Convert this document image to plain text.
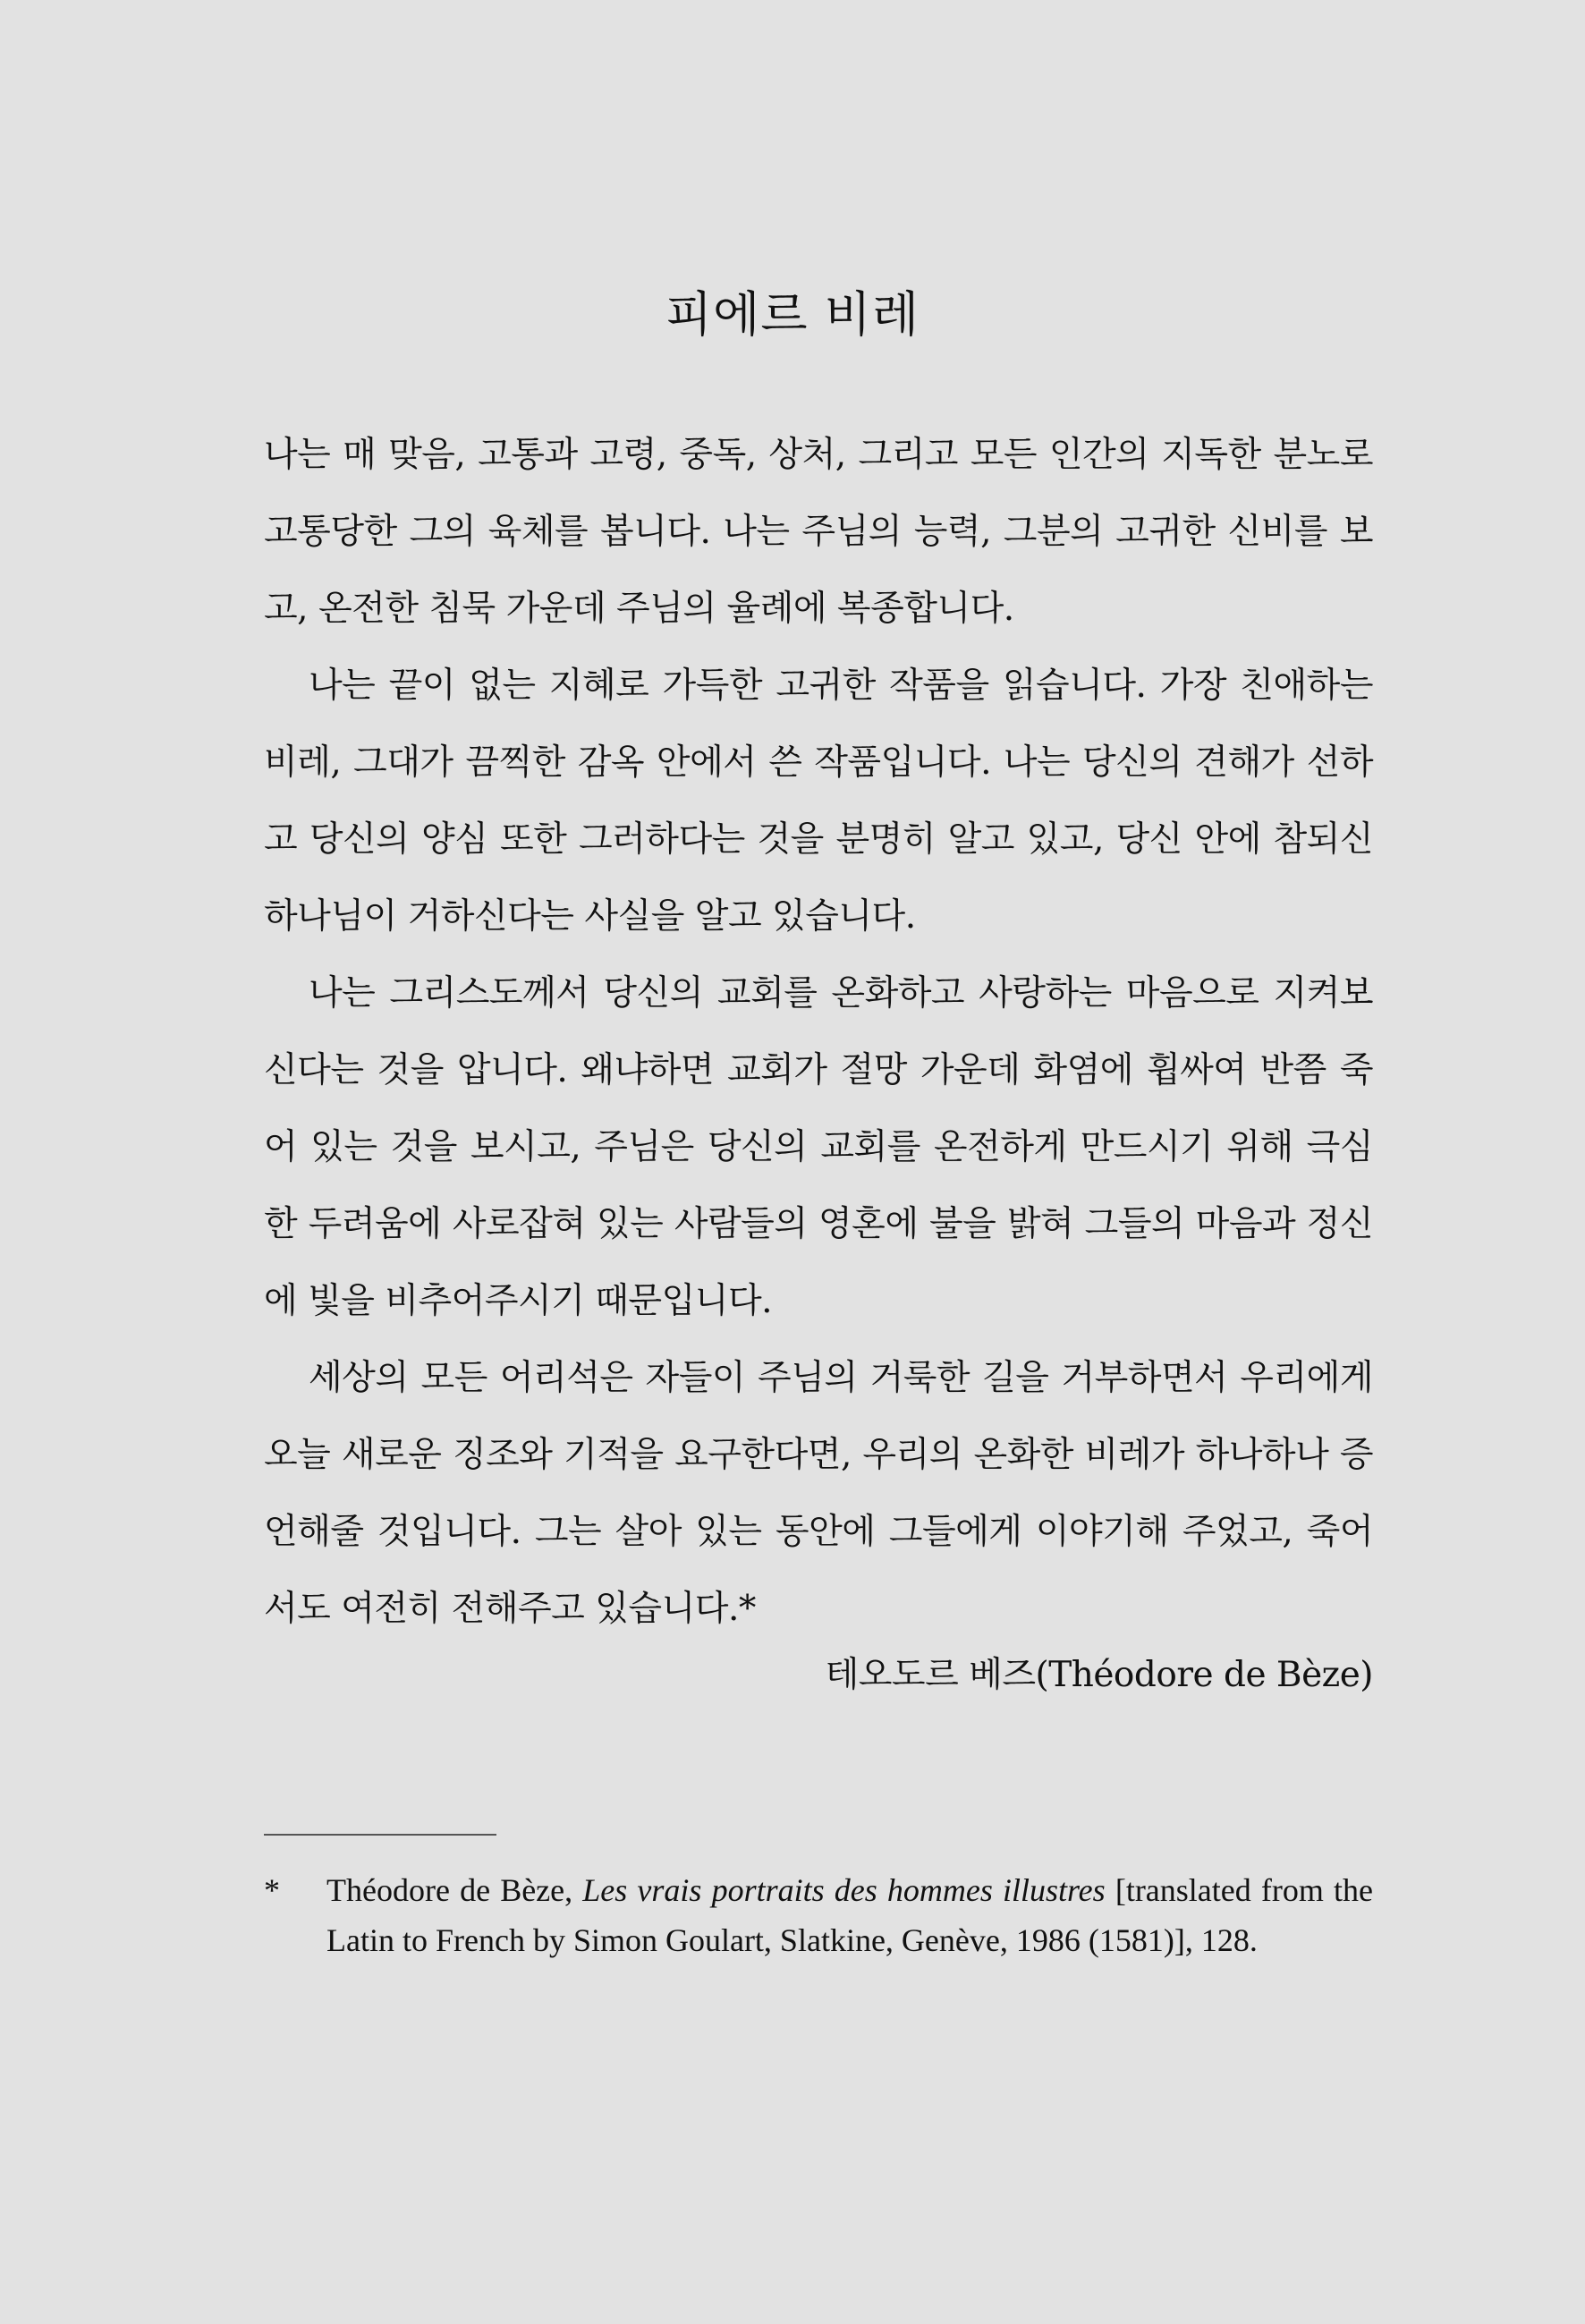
피에르 비레

나는 매 맞음, 고통과 고령, 중독, 상처, 그리고 모든 인간의 지독한 분노로 고통당한 그의 육체를 봅니다. 나는 주님의 능력, 그분의 고귀한 신비를 보고, 온전한 침묵 가운데 주님의 율례에 복종합니다.

나는 끝이 없는 지혜로 가득한 고귀한 작품을 읽습니다. 가장 친애하는 비레, 그대가 끔찍한 감옥 안에서 쓴 작품입니다. 나는 당신의 견해가 선하고 당신의 양심 또한 그러하다는 것을 분명히 알고 있고, 당신 안에 참되신 하나님이 거하신다는 사실을 알고 있습니다.

나는 그리스도께서 당신의 교회를 온화하고 사랑하는 마음으로 지켜보신다는 것을 압니다. 왜냐하면 교회가 절망 가운데 화염에 휩싸여 반쯤 죽어 있는 것을 보시고, 주님은 당신의 교회를 온전하게 만드시기 위해 극심한 두려움에 사로잡혀 있는 사람들의 영혼에 불을 밝혀 그들의 마음과 정신에 빛을 비추어주시기 때문입니다.

세상의 모든 어리석은 자들이 주님의 거룩한 길을 거부하면서 우리에게 오늘 새로운 징조와 기적을 요구한다면, 우리의 온화한 비레가 하나하나 증언해줄 것입니다. 그는 살아 있는 동안에 그들에게 이야기해 주었고, 죽어서도 여전히 전해주고 있습니다.*

테오도르 베즈(Théodore de Bèze)
*	Théodore de Bèze, Les vrais portraits des hommes illustres [translated from the Latin to French by Simon Goulart, Slatkine, Genève, 1986 (1581)], 128.
